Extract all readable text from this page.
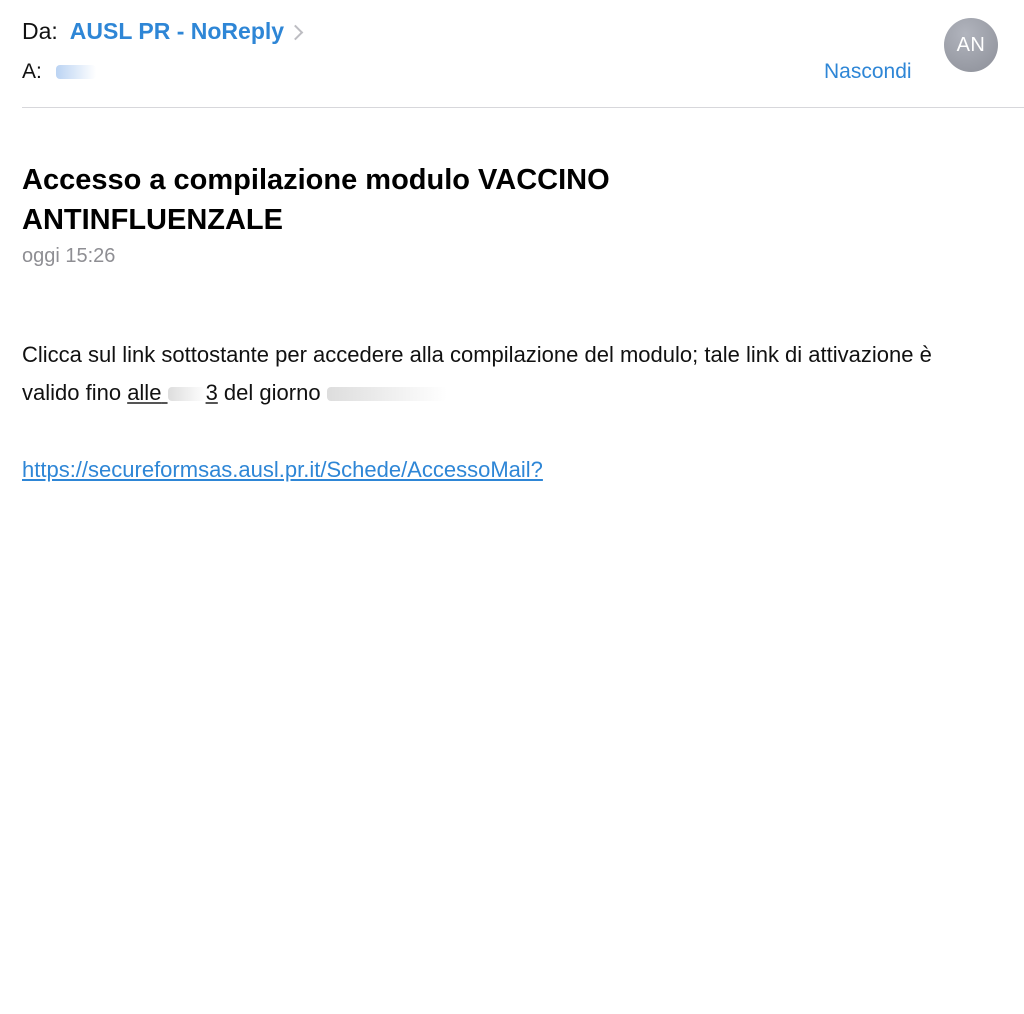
Da: AUSL PR - NoReply
A:	Nascondi
AN
Accesso a compilazione modulo VACCINO ANTINFLUENZALE
oggi 15:26
Clicca sul link sottostante per accedere alla compilazione del modulo; tale link di attivazione è valido fino alle 3 del giorno
https://secureformsas.ausl.pr.it/Schede/AccessoMail?
